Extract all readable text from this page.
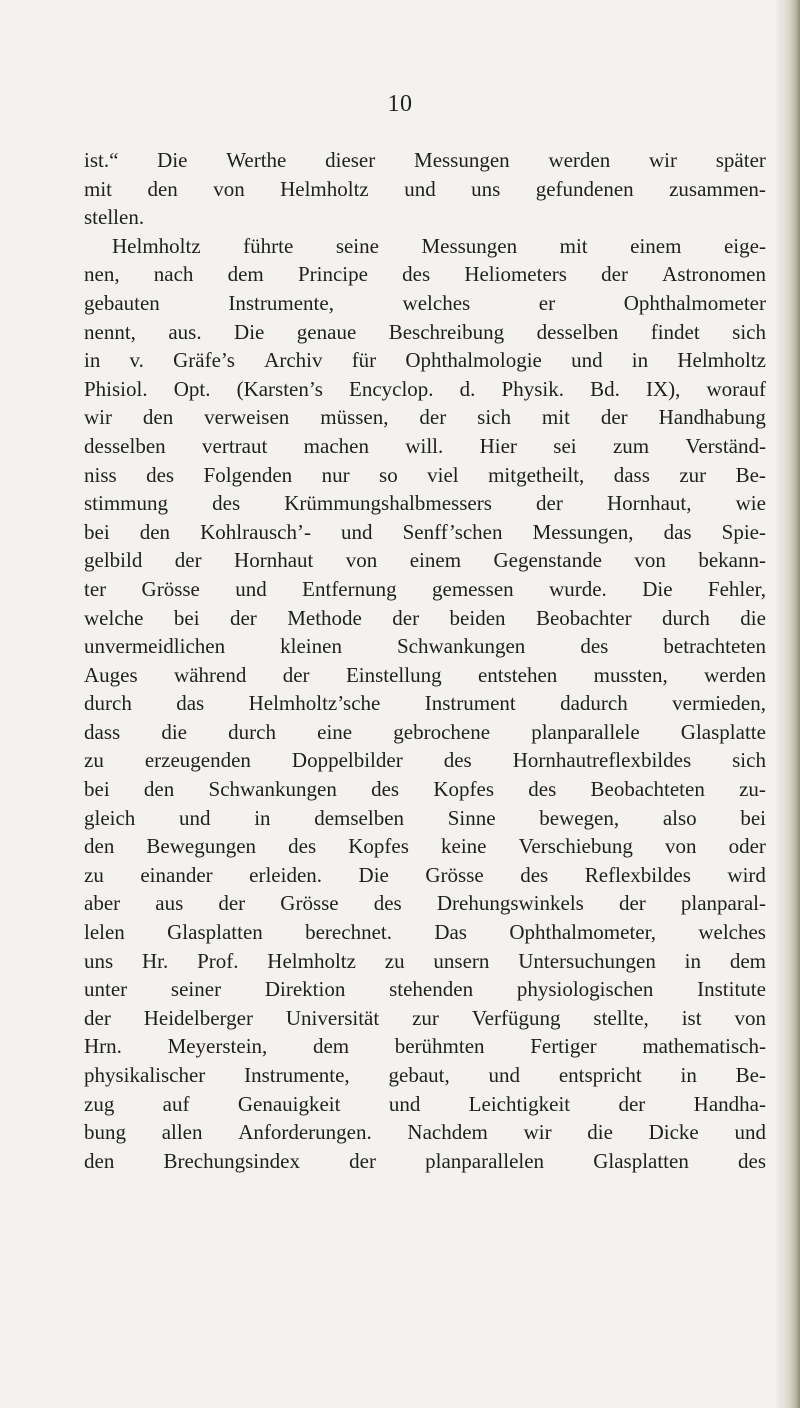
10
ist.“ Die Werthe dieser Messungen werden wir später
mit den von Helmholtz und uns gefundenen zusammen-
stellen.
Helmholtz führte seine Messungen mit einem eige-
nen, nach dem Principe des Heliometers der Astronomen
gebauten	Instrumente,	welches	er	Ophthalmometer
nennt, aus. Die genaue Beschreibung desselben findet sich
in v. Gräfe’s Archiv für Ophthalmologie und in Helmholtz
Phisiol. Opt. (Karsten’s Encyclop. d. Physik. Bd. IX), worauf
wir den verweisen müssen, der sich mit der Handhabung
desselben vertraut machen will. Hier sei zum Verständ-
niss des Folgenden nur so viel mitgetheilt, dass zur Be-
stimmung des Krümmungshalbmessers der Hornhaut, wie
bei den Kohlrausch’- und Senff’schen Messungen, das Spie-
gelbild der Hornhaut von einem Gegenstande von bekann-
ter Grösse und Entfernung gemessen wurde. Die Fehler,
welche bei der Methode der beiden Beobachter durch die
unvermeidlichen	kleinen	Schwankungen	des	betrachteten
Auges während der Einstellung entstehen mussten, werden
durch das Helmholtz’sche Instrument dadurch vermieden,
dass die durch eine gebrochene planparallele Glasplatte
zu erzeugenden Doppelbilder des Hornhautreflexbildes sich
bei den Schwankungen des Kopfes des Beobachteten zu-
gleich und in demselben Sinne bewegen, also bei
den Bewegungen des Kopfes keine Verschiebung von oder
zu einander erleiden. Die Grösse des Reflexbildes wird
aber aus der Grösse des Drehungswinkels der planparal-
lelen Glasplatten berechnet. Das Ophthalmometer, welches
uns Hr. Prof. Helmholtz zu unsern Untersuchungen in dem
unter seiner Direktion stehenden physiologischen Institute
der Heidelberger Universität zur Verfügung stellte, ist von
Hrn. Meyerstein, dem berühmten Fertiger mathematisch-
physikalischer Instrumente, gebaut, und entspricht in Be-
zug auf Genauigkeit und Leichtigkeit der Handha-
bung allen Anforderungen. Nachdem wir die Dicke und
den Brechungsindex der planparallelen Glasplatten des
